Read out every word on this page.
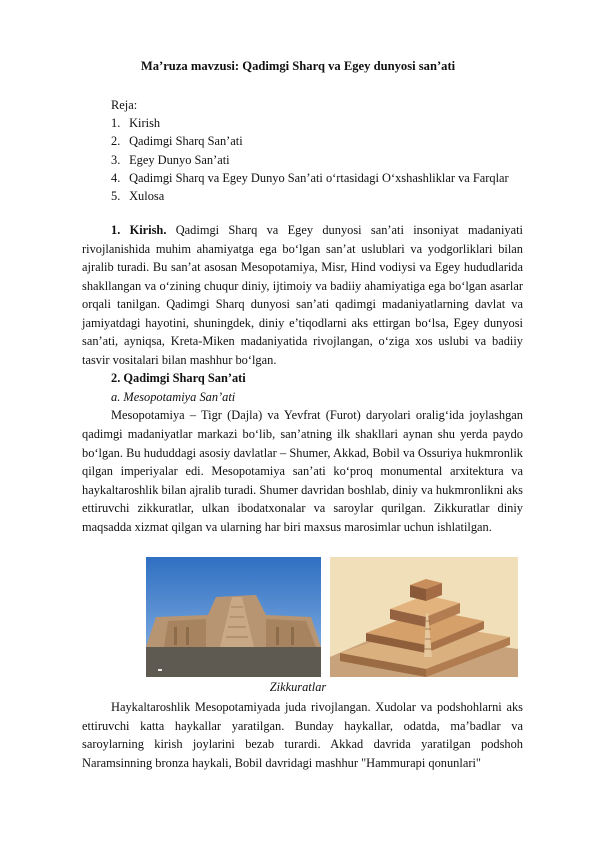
Ma’ruza mavzusi: Qadimgi Sharq va Egey dunyosi san’ati
Reja:
1. Kirish
2. Qadimgi Sharq San’ati
3. Egey Dunyo San’ati
4. Qadimgi Sharq va Egey Dunyo San’ati o‘rtasidagi O‘xshashliklar va Farqlar
5. Xulosa

1. Kirish. Qadimgi Sharq va Egey dunyosi san’ati insoniyat madaniyati rivojlanishida muhim ahamiyatga ega bo‘lgan san’at uslublari va yodgorliklari bilan ajralib turadi. Bu san’at asosan Mesopotamiya, Misr, Hind vodiysi va Egey hududlarida shakllangan va o‘zining chuqur diniy, ijtimoiy va badiiy ahamiyatiga ega bo‘lgan asarlar orqali tanilgan. Qadimgi Sharq dunyosi san’ati qadimgi madaniyatlarning davlat va jamiyatdagi hayotini, shuningdek, diniy e’tiqodlarni aks ettirgan bo‘lsa, Egey dunyosi san’ati, ayniqsa, Kreta-Miken madaniyatida rivojlangan, o‘ziga xos uslubi va badiiy tasvir vositalari bilan mashhur bo‘lgan.

2. Qadimgi Sharq San’ati

a. Mesopotamiya San’ati

Mesopotamiya – Tigr (Dajla) va Yevfrat (Furot) daryolari oralig‘ida joylashgan qadimgi madaniyatlar markazi bo‘lib, san’atning ilk shakllari aynan shu yerda paydo bo‘lgan. Bu hududdagi asosiy davlatlar – Shumer, Akkad, Bobil va Ossuriya hukmronlik qilgan imperiyalar edi. Mesopotamiya san’ati ko‘proq monumental arxitektura va haykaltaroshlik bilan ajralib turadi. Shumer davridan boshlab, diniy va hukmronlikni aks ettiruvchi zikkuratlar, ulkan ibodatxonalar va saroylar qurilgan. Zikkuratlar diniy maqsadda xizmat qilgan va ularning har biri maxsus marosimlar uchun ishlatilgan.

Zikkuratlar

Haykaltaroshlik Mesopotamiyada juda rivojlangan. Xudolar va podshohlarni aks ettiruvchi katta haykallar yaratilgan. Bunday haykallar, odatda, ma’badlar va saroylarning kirish joylarini bezab turardi. Akkad davrida yaratilgan podshoh Naramsinning bronza haykali, Bobil davridagi mashhur "Hammurapi qonunlari"
